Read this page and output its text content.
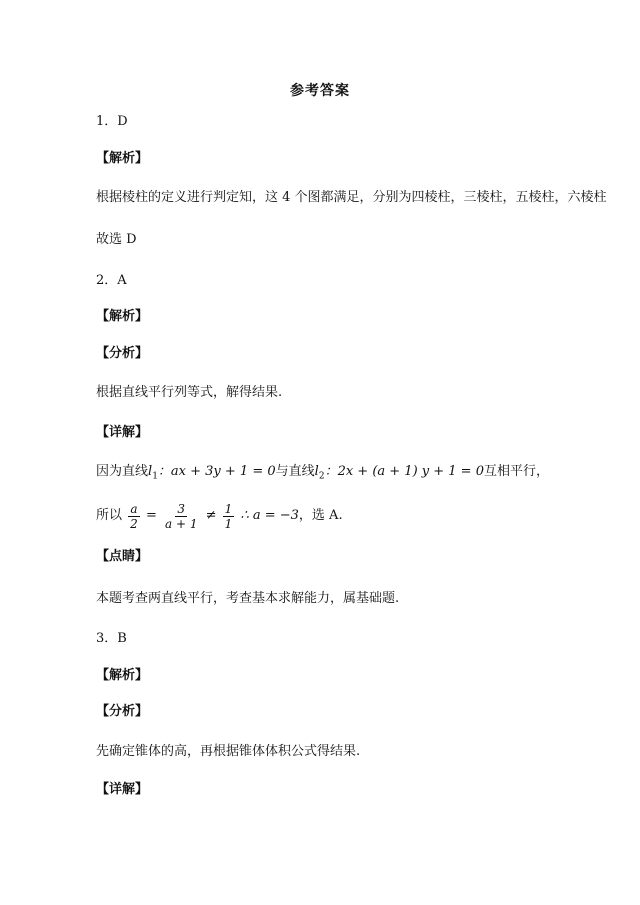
参考答案
1．D
【解析】
根据棱柱的定义进行判定知，这 4 个图都满足，分别为四棱柱，三棱柱，五棱柱，六棱柱
故选 D
2．A
【解析】
【分析】
根据直线平行列等式，解得结果.
【详解】
因为直线$l_1$：ax + 3y + 1 = 0与直线$l_2$：2x + (a + 1) y + 1 = 0互相平行，
所以 $\frac{a}{2} = \frac{3}{a + 1} \ne \frac{1}{1}$ ∴ a = −3，选 A.
【点睛】
本题考查两直线平行，考查基本求解能力，属基础题.
3．B
【解析】
【分析】
先确定锥体的高，再根据锥体体积公式得结果.
【详解】
